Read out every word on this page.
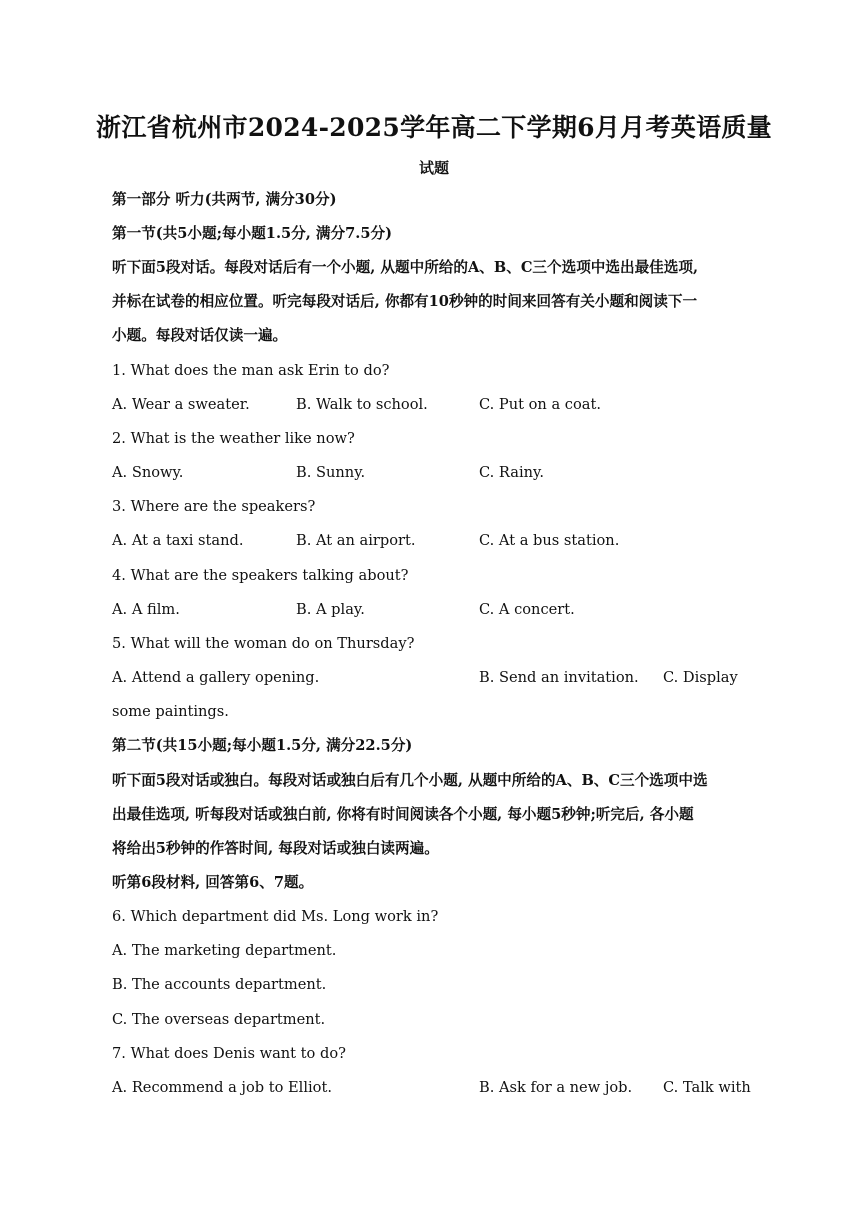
浙江省杭州市2024-2025学年高二下学期6月月考英语质量
试题
第一部分 听力(共两节, 满分30分)
第一节(共5小题;每小题1.5分, 满分7.5分)
听下面5段对话。每段对话后有一个小题, 从题中所给的A、B、C三个选项中选出最佳选项,
并标在试卷的相应位置。听完每段对话后, 你都有10秒钟的时间来回答有关小题和阅读下一
小题。每段对话仅读一遍。
1. What does the man ask Erin to do?
A. Wear a sweater.	B. Walk to school.	C. Put on a coat.
2. What is the weather like now?
A. Snowy.	B. Sunny.	C. Rainy.
3. Where are the speakers?
A. At a taxi stand.	B. At an airport.	C. At a bus station.
4. What are the speakers talking about?
A. A film.	B. A play.	C. A concert.
5. What will the woman do on Thursday?
A. Attend a gallery opening.	B. Send an invitation. C. Display
some paintings.
第二节(共15小题;每小题1.5分, 满分22.5分)
听下面5段对话或独白。每段对话或独白后有几个小题, 从题中所给的A、B、C三个选项中选
出最佳选项, 听每段对话或独白前, 你将有时间阅读各个小题, 每小题5秒钟;听完后, 各小题
将给出5秒钟的作答时间, 每段对话或独白读两遍。
听第6段材料, 回答第6、7题。
6. Which department did Ms. Long work in?
A. The marketing department.
B. The accounts department.
C. The overseas department.
7. What does Denis want to do?
A. Recommend a job to Elliot.	B. Ask for a new job. C. Talk with
